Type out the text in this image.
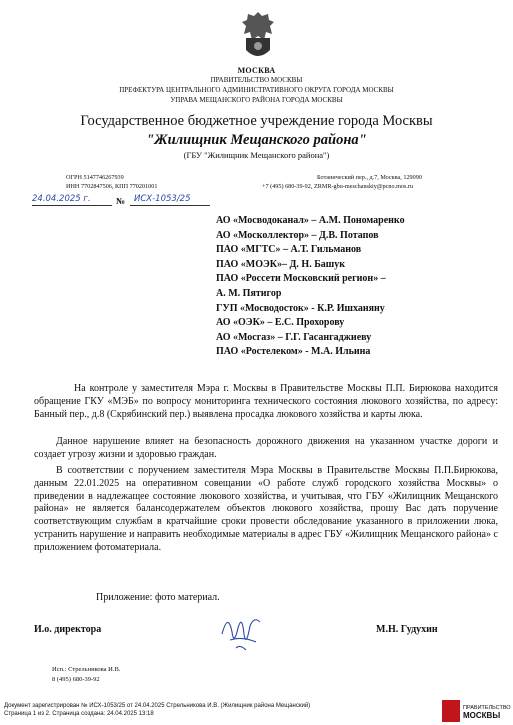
МОСКВА
ПРАВИТЕЛЬСТВО МОСКВЫ
ПРЕФЕКТУРА ЦЕНТРАЛЬНОГО АДМИНИСТРАТИВНОГО ОКРУГА ГОРОДА МОСКВЫ
УПРАВА МЕЩАНСКОГО РАЙОНА ГОРОДА МОСКВЫ
Государственное бюджетное учреждение города Москвы
"Жилищник Мещанского района"
(ГБУ "Жилищник Мещанского района")
ОГРН 5147746267939
ИНН 7702847506, КПП 770201001
Ботанический пер., д.7, Москва, 129090
+7 (495) 680-39-92, ZRMR-gbu-meschanskiy@pcno.mos.ru
24.04.2025 г.	№ ИСХ-1053/25
АО «Мосводоканал» – А.М. Пономаренко
АО «Москоллектор» – Д.В. Потапов
ПАО «МГТС» – А.Т. Гильманов
ПАО «МОЭК»– Д. Н. Башук
ПАО «Россети Московский регион» –
А. М. Пятигор
ГУП «Мосводосток» - К.Р. Ишханяну
АО «ОЭК» – Е.С. Прохорову
АО «Мосгаз» – Г.Г. Гасангаджиеву
ПАО «Ростелеком» - М.А. Ильина
На контроле у заместителя Мэра г. Москвы в Правительстве Москвы П.П. Бирюкова находится обращение ГКУ «МЭБ» по вопросу мониторинга технического состояния люкового хозяйства, по адресу: Банный пер., д.8 (Скрябинский пер.) выявлена просадка люкового хозяйства и карты люка.
Данное нарушение влияет на безопасность дорожного движения на указанном участке дороги и создает угрозу жизни и здоровью граждан.
В соответствии с поручением заместителя Мэра Москвы в Правительстве Москвы П.П.Бирюкова, данным 22.01.2025 на оперативном совещании «О работе служб городского хозяйства Москвы» о приведении в надлежащее состояние люкового хозяйства, и учитывая, что ГБУ «Жилищник Мещанского района» не является балансодержателем объектов люкового хозяйства, прошу Вас дать поручение соответствующим службам в кратчайшие сроки провести обследование указанного в приложении люка, устранить нарушение и направить необходимые материалы в адрес ГБУ «Жилищник Мещанского района» с приложением фотоматериала.
Приложение: фото материал.
И.о. директора	М.Н. Гудухин
Исп.: Стрельникова И.В.
8 (495) 680-39-92
Документ зарегистрирован № ИСХ-1053/25 от 24.04.2025 Стрельникова И.В. (Жилищник района Мещанский)
Страница 1 из 2. Страница создана: 24.04.2025 13:18
ПРАВИТЕЛЬСТВО
МОСКВЫ
